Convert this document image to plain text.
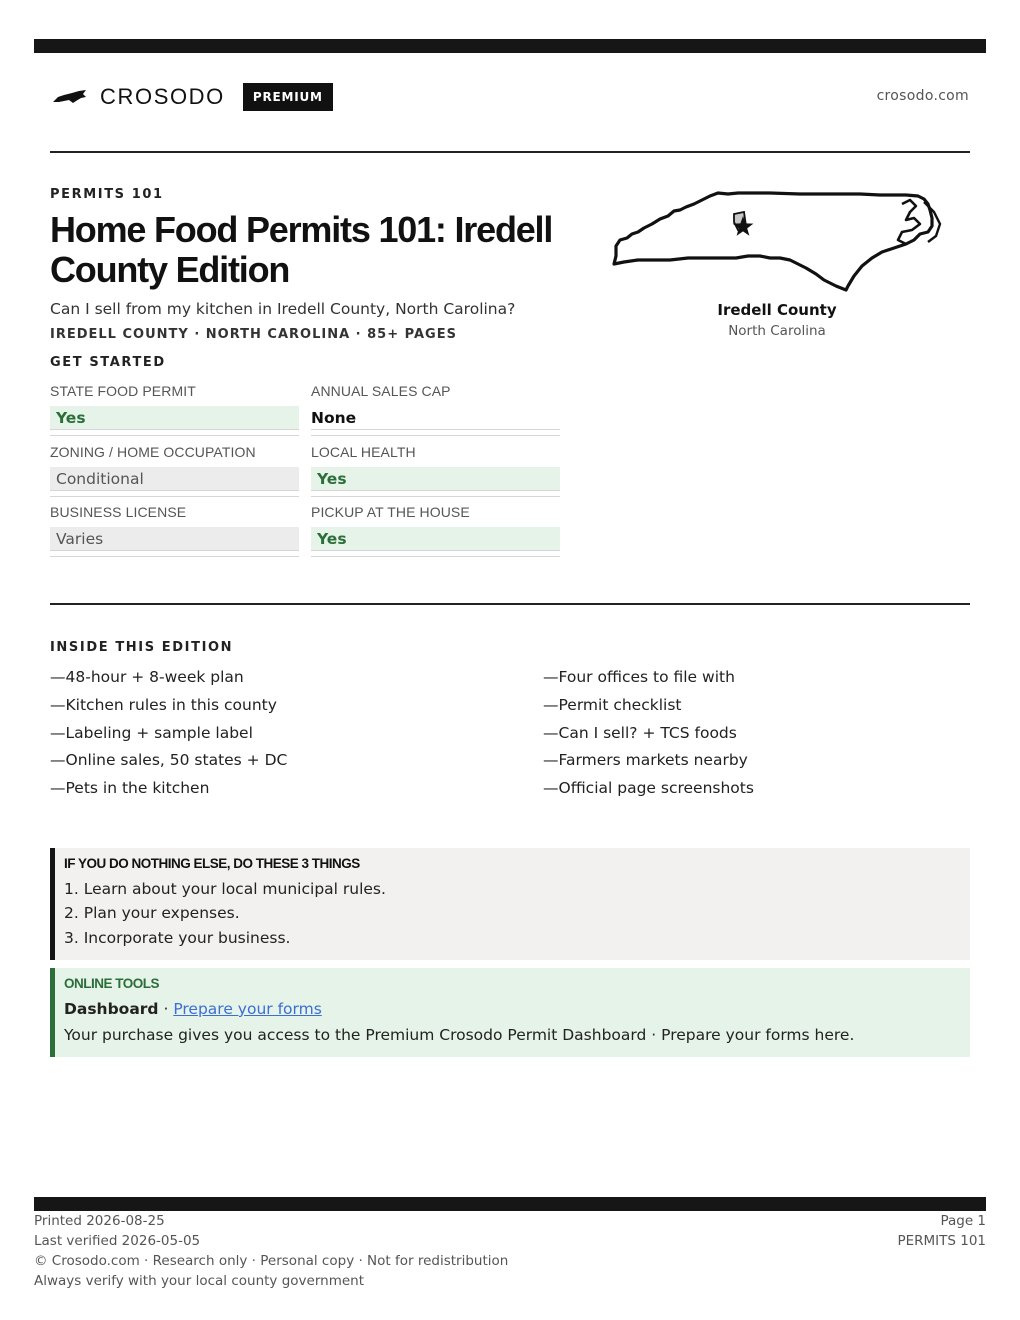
CROSODO	PREMIUM	crosodo.com
PERMITS 101
Home Food Permits 101: Iredell County Edition
Can I sell from my kitchen in Iredell County, North Carolina?
IREDELL COUNTY · NORTH CAROLINA · 85+ PAGES
Iredell County
North Carolina
GET STARTED
STATE FOOD PERMIT
Yes
ANNUAL SALES CAP
None
ZONING / HOME OCCUPATION
Conditional
LOCAL HEALTH
Yes
BUSINESS LICENSE
Varies
PICKUP AT THE HOUSE
Yes
INSIDE THIS EDITION
—48-hour + 8-week plan
—Kitchen rules in this county
—Labeling + sample label
—Online sales, 50 states + DC
—Pets in the kitchen
—Four offices to file with
—Permit checklist
—Can I sell? + TCS foods
—Farmers markets nearby
—Official page screenshots
IF YOU DO NOTHING ELSE, DO THESE 3 THINGS
1. Learn about your local municipal rules.
2. Plan your expenses.
3. Incorporate your business.
ONLINE TOOLS
Dashboard · Prepare your forms
Your purchase gives you access to the Premium Crosodo Permit Dashboard · Prepare your forms here.
Printed 2026-08-25
Last verified 2026-05-05
© Crosodo.com · Research only · Personal copy · Not for redistribution
Always verify with your local county government
Page 1
PERMITS 101
